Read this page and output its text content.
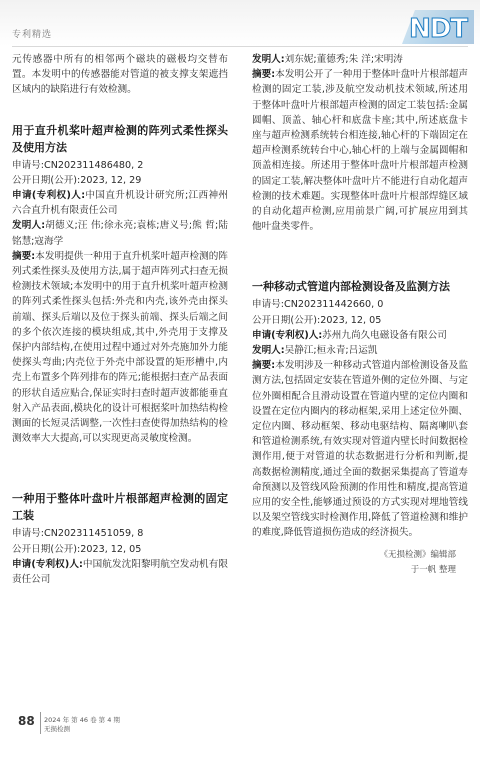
专利精选	NDT

元传感器中所有的相邻两个磁块的磁极均交替布置。本发明中的传感器能对管道的被支撑支架遮挡区域内的缺陷进行有效检测。

用于直升机桨叶超声检测的阵列式柔性探头及使用方法

申请号:CN202311486480, 2

公开日期(公开):2023, 12, 29

申请(专利权)人:中国直升机设计研究所;江西神州六合直升机有限责任公司

发明人:胡德义;汪 伟;徐永亮;袁栋;唐义号;熊 哲;陆铭慧;寇海学

摘要:本发明提供一种用于直升机桨叶超声检测的阵列式柔性探头及使用方法,属于超声阵列式扫查无损检测技术领域;本发明中的用于直升机桨叶超声检测的阵列式柔性探头包括:外壳和内壳,该外壳由探头前端、探头后端以及位于探头前端、探头后端之间的多个依次连接的模块组成,其中,外壳用于支撑及保护内部结构,在使用过程中通过对外壳施加外力能使探头弯曲;内壳位于外壳中部设置的矩形槽中,内壳上布置多个阵列排布的阵元;能根据扫查产品表面的形状自适应贴合,保证实时扫查时超声波都能垂直射入产品表面,模块化的设计可根据桨叶加热结构检测面的长短灵活调整,一次性扫查使得加热结构的检测效率大大提高,可以实现更高灵敏度检测。

一种用于整体叶盘叶片根部超声检测的固定工装

申请号:CN202311451059, 8

公开日期(公开):2023, 12, 05

申请(专利权)人:中国航发沈阳黎明航空发动机有限责任公司

发明人:刘东妮;董德秀;朱 洋;宋明涛

摘要:本发明公开了一种用于整体叶盘叶片根部超声检测的固定工装,涉及航空发动机技术领域,所述用于整体叶盘叶片根部超声检测的固定工装包括:金属圆帽、顶盖、轴心杆和底盘卡座;其中,所述底盘卡座与超声检测系统转台相连接,轴心杆的下端固定在超声检测系统转台中心,轴心杆的上端与金属圆帽和顶盖相连接。所述用于整体叶盘叶片根部超声检测的固定工装,解决整体叶盘叶片不能进行自动化超声检测的技术难题。实现整体叶盘叶片根部焊缝区域的自动化超声检测,应用前景广阔,可扩展应用到其他叶盘类零件。

一种移动式管道内部检测设备及监测方法

申请号:CN202311442660, 0

公开日期(公开):2023, 12, 05

申请(专利权)人:苏州九尚久电磁设备有限公司

发明人:吴静江;桓永青;吕运凯

摘要:本发明涉及一种移动式管道内部检测设备及监测方法,包括固定安装在管道外侧的定位外圈、与定位外圈相配合且滑动设置在管道内壁的定位内圈和设置在定位内圈内的移动框架,采用上述定位外圈、定位内圈、移动框架、移动电驱结构、隔离喇叭套和管道检测系统,有效实现对管道内壁长时间数据检测作用,便于对管道的状态数据进行分析和判断,提高数据检测精度,通过全面的数据采集提高了管道寿命预测以及管线风险预测的作用性和精度,提高管道应用的安全性,能够通过预设的方式实现对埋地管线以及架空管线实时检测作用,降低了管道检测和维护的难度,降低管道损伤造成的经济损失。

《无损检测》编辑部
于一帆 整理
88 2024 年 第 46 卷 第 4 期
无损检测
